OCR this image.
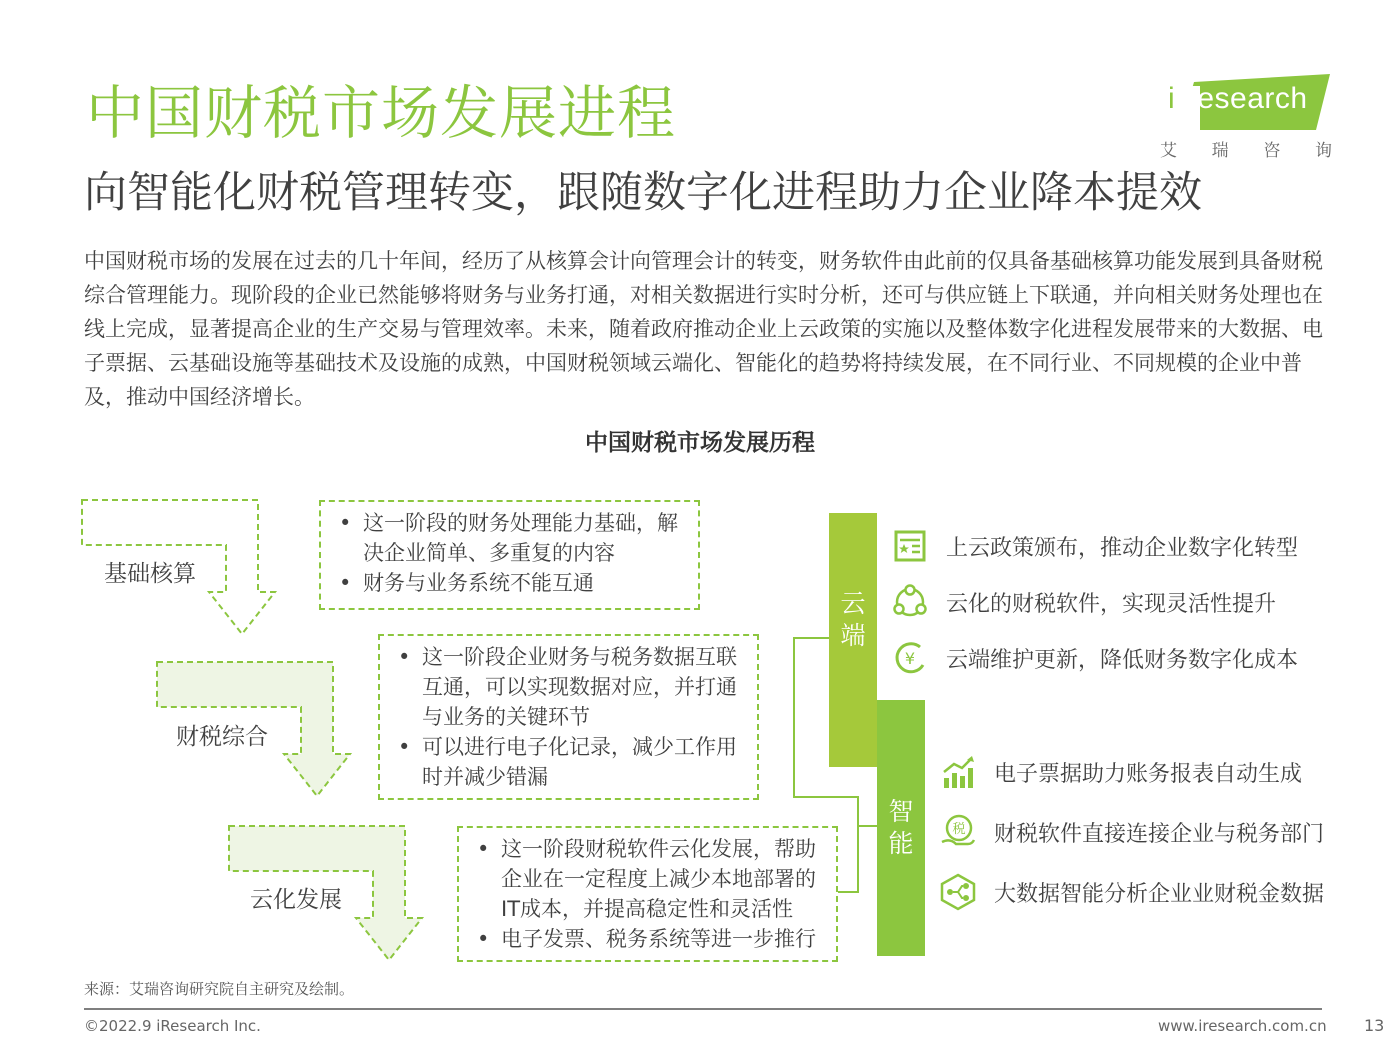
中国财税市场发展进程
向智能化财税管理转变，跟随数字化进程助力企业降本提效
iResearch
艾 瑞 咨 询
中国财税市场的发展在过去的几十年间，经历了从核算会计向管理会计的转变，财务软件由此前的仅具备基础核算功能发展到具备财税综合管理能力。现阶段的企业已然能够将财务与业务打通，对相关数据进行实时分析，还可与供应链上下联通，并向相关财务处理也在线上完成，显著提高企业的生产交易与管理效率。未来，随着政府推动企业上云政策的实施以及整体数字化进程发展带来的大数据、电子票据、云基础设施等基础技术及设施的成熟，中国财税领域云端化、智能化的趋势将持续发展，在不同行业、不同规模的企业中普及，推动中国经济增长。
中国财税市场发展历程
基础核算
财税综合
云化发展
• 这一阶段的财务处理能力基础，解决企业简单、多重复的内容
• 财务与业务系统不能互通
• 这一阶段企业财务与税务数据互联互通，可以实现数据对应，并打通与业务的关键环节
• 可以进行电子化记录，减少工作用时并减少错漏
• 这一阶段财税软件云化发展，帮助企业在一定程度上减少本地部署的IT成本，并提高稳定性和灵活性
• 电子发票、税务系统等进一步推行
云
端
智
能
上云政策颁布，推动企业数字化转型
云化的财税软件，实现灵活性提升
¥ 云端维护更新，降低财务数字化成本
电子票据助力账务报表自动生成
税 财税软件直接连接企业与税务部门
大数据智能分析企业业财税金数据
来源：艾瑞咨询研究院自主研究及绘制。
©2022.9 iResearch Inc.	www.iresearch.com.cn 13
